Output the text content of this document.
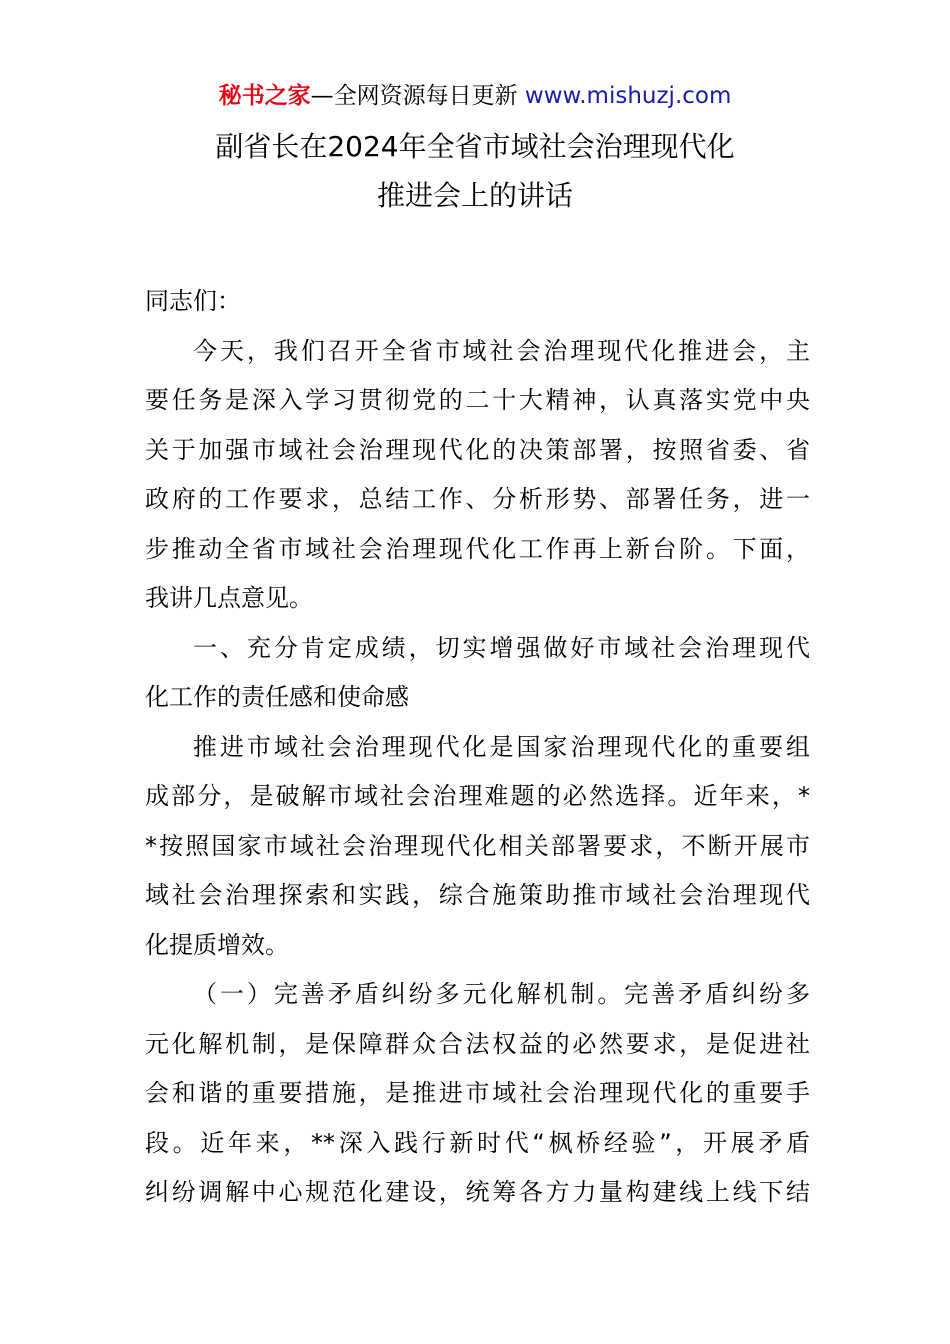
秘书之家—全网资源每日更新 www.mishuzj.com
副省长在2024年全省市域社会治理现代化
推进会上的讲话
同志们：
今天，我们召开全省市域社会治理现代化推进会，主
要任务是深入学习贯彻党的二十大精神，认真落实党中央
关于加强市域社会治理现代化的决策部署，按照省委、省
政府的工作要求，总结工作、分析形势、部署任务，进一
步推动全省市域社会治理现代化工作再上新台阶。下面，
我讲几点意见。
一、充分肯定成绩，切实增强做好市域社会治理现代
化工作的责任感和使命感
推进市域社会治理现代化是国家治理现代化的重要组
成部分，是破解市域社会治理难题的必然选择。近年来，*
*按照国家市域社会治理现代化相关部署要求，不断开展市
域社会治理探索和实践，综合施策助推市域社会治理现代
化提质增效。
（一）完善矛盾纠纷多元化解机制。完善矛盾纠纷多
元化解机制，是保障群众合法权益的必然要求，是促进社
会和谐的重要措施，是推进市域社会治理现代化的重要手
段。近年来，**深入践行新时代“枫桥经验”，开展矛盾
纠纷调解中心规范化建设，统筹各方力量构建线上线下结
